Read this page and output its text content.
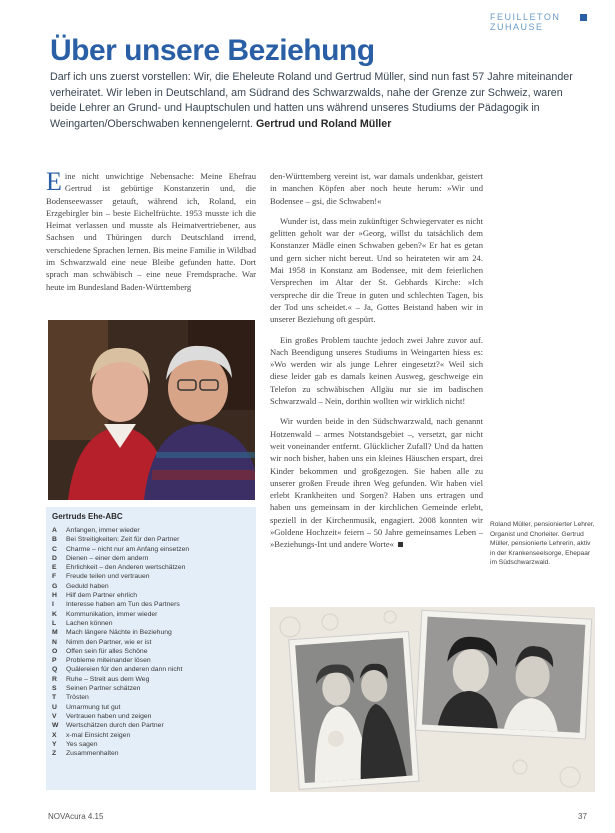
FEUILLETON ZUHAUSE
Über unsere Beziehung
Darf ich uns zuerst vorstellen: Wir, die Eheleute Roland und Gertrud Müller, sind nun fast 57 Jahre miteinander verheiratet. Wir leben in Deutschland, am Südrand des Schwarzwalds, nahe der Grenze zur Schweiz, waren beide Lehrer an Grund- und Hauptschulen und hatten uns während unseres Studiums der Pädagogik in Weingarten/Oberschwaben kennengelernt. Gertrud und Roland Müller
Eine nicht unwichtige Nebensache: Meine Ehefrau Gertrud ist gebürtige Konstanzerin und, die Bodenseewasser getauft, während ich, Roland, ein Erzgebirgler bin – beste Eichelfrüchte. 1953 musste ich die Heimat verlassen und musste als Heimatvertriebener, aus Sachsen und Thüringen durch Deutschland irrend, verschiedene Sprachen lernen. Bis meine Familie in Wildbad im Schwarzwald eine neue Bleibe gefunden hatte. Dort sprach man schwäbisch – eine neue Fremdsprache. War heute im Bundesland Baden-Württemberg
Gertruds Ehe-ABC
A	Anfangen, immer wieder
B	Bei Streitigkeiten: Zeit für den Partner
C	Charme – nicht nur am Anfang einsetzen
D	Dienen – einer dem andern
E	Ehrlichkeit – den Anderen wertschätzen
F	Freude teilen und vertrauen
G	Geduld haben
H	Hilf dem Partner ehrlich
I	Interesse haben am Tun des Partners
K	Kommunikation, immer wieder
L	Lachen können
M	Mach längere Nächte in Beziehung
N	Nimm den Partner, wie er ist
O	Offen sein für alles Schöne
P	Probleme miteinander lösen
Q	Quälereien für den anderen dann nicht
R	Ruhe – Streit aus dem Weg
S	Seinen Partner schätzen
T	Trösten
U	Umarmung tut gut
V	Vertrauen haben und zeigen
W	Wertschätzen durch den Partner
X	x-mal Einsicht zeigen
Y	Yes sagen
Z	Zusammenhalten

den-Württemberg vereint ist, war damals undenkbar, geistert in manchen Köpfen aber noch heute herum: »Wir und Bodensee – gsi, die Schwaben!«

Wunder ist, dass mein zukünftiger Schwiegervater es nicht gelitten geholt war der »Georg, willst du tatsächlich dem Konstanzer Mädle einen Schwaben geben?« Er hat es getan und gern sicher nicht bereut. Und so heirateten wir am 24. Mai 1958 in Konstanz am Bodensee, mit dem feierlichen Versprechen im Altar der St. Gebhards Kirche: »Ich verspreche dir die Treue in guten und schlechten Tagen, bis der Tod uns scheidet.« – Ja, Gottes Beistand haben wir in unserer Beziehung oft gespürt.

Ein großes Problem tauchte jedoch zwei Jahre zuvor auf. Nach Beendigung unseres Studiums in Weingarten hiess es: »Wo werden wir als junge Lehrer eingesetzt?« Weil sich diese leider gab es damals keinen Ausweg, geschweige ein Telefon zu schwäbischen Allgäu nur sie im badischen Schwarzwald – Nein, dorthin wollten wir wirklich nicht!

Wir wurden beide in den Südschwarzwald, nach genannt Hotzenwald – armes Notstandsgebiet –, versetzt, gar nicht weit voneinander entfernt. Glücklicher Zufall? Und da hatten wir noch bisher, haben uns ein kleines Häuschen erspart, drei Kinder bekommen und großgezogen. Sie haben alle zu unserer großen Freude ihren Weg gefunden. Wir haben viel erlebt Krankheiten und Sorgen? Haben uns ertragen und haben uns gemeinsam in der kirchlichen Gemeinde erlebt, speziell in der Kirchenmusik, engagiert. 2008 konnten wir »Goldene Hochzeit« feiern – 50 Jahre gemeinsames Leben – »Beziehungs-Int und andere Worte«

Roland Müller, pensionierter Lehrer, Organist und Chorleiter. Gertrud Müller, pensionierte Lehrerin, aktiv in der Krankenseelsorge, Ehepaar im Südschwarzwald.
NOVAcura 4.15	37
